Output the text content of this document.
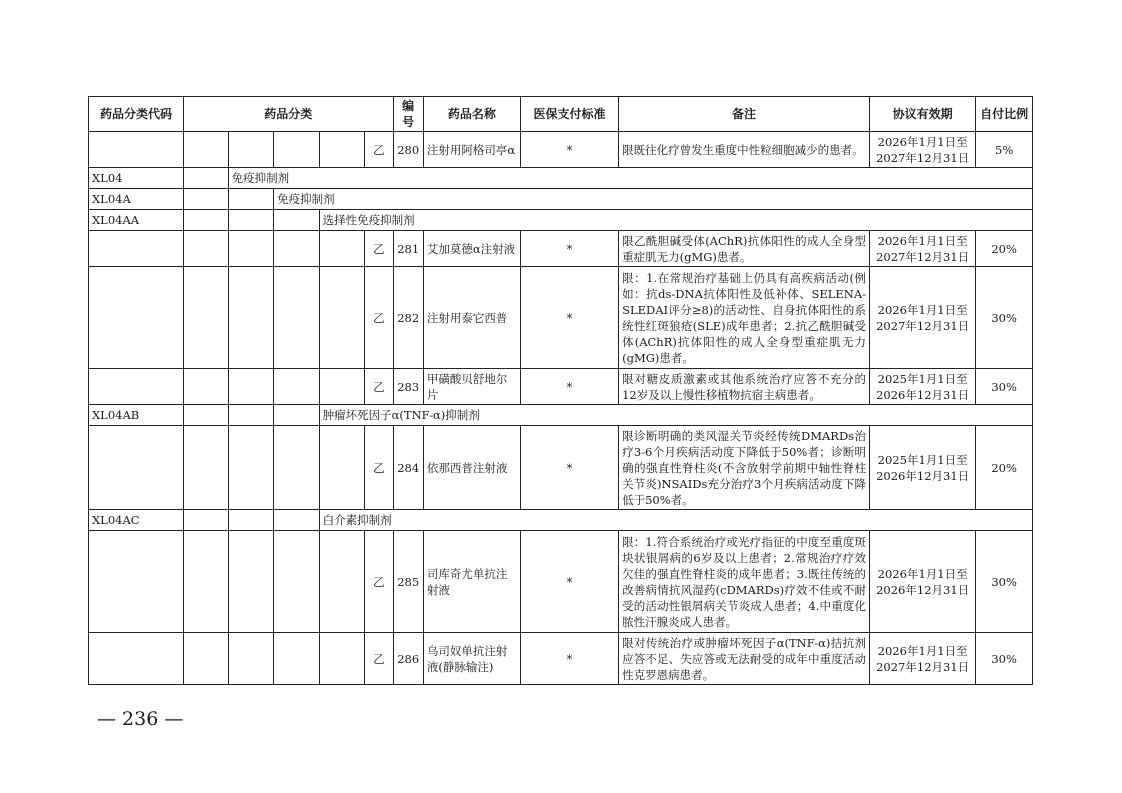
药品分类代码	药品分类					编号	药品名称	医保支付标准	备注	协议有效期	自付比例
					乙	280	注射用阿格司亭α	*	限既往化疗曾发生重度中性粒细胞减少的患者。	2026年1月1日至2027年12月31日	5%
XL04		免疫抑制剂									
XL04A			免疫抑制剂								
XL04AA				选择性免疫抑制剂							
					乙	281	艾加莫德α注射液	*	限乙酰胆碱受体(AChR)抗体阳性的成人全身型重症肌无力(gMG)患者。	2026年1月1日至2027年12月31日	20%
					乙	282	注射用泰它西普	*	限：1.在常规治疗基础上仍具有高疾病活动(例如：抗ds-DNA抗体阳性及低补体、SELENA-SLEDAI评分≥8)的活动性、自身抗体阳性的系统性红斑狼疮(SLE)成年患者；2.抗乙酰胆碱受体(AChR)抗体阳性的成人全身型重症肌无力(gMG)患者。	2026年1月1日至2027年12月31日	30%
					乙	283	甲磺酸贝舒地尔片	*	限对糖皮质激素或其他系统治疗应答不充分的12岁及以上慢性移植物抗宿主病患者。	2025年1月1日至2026年12月31日	30%
XL04AB				肿瘤坏死因子α(TNF-α)抑制剂							
					乙	284	依那西普注射液	*	限诊断明确的类风湿关节炎经传统DMARDs治疗3-6个月疾病活动度下降低于50%者；诊断明确的强直性脊柱炎(不含放射学前期中轴性脊柱关节炎)NSAIDs充分治疗3个月疾病活动度下降低于50%者。	2025年1月1日至2026年12月31日	20%
XL04AC				白介素抑制剂							
					乙	285	司库奇尤单抗注射液	*	限：1.符合系统治疗或光疗指征的中度至重度斑块状银屑病的6岁及以上患者；2.常规治疗疗效欠佳的强直性脊柱炎的成年患者；3.既往传统的改善病情抗风湿药(cDMARDs)疗效不佳或不耐受的活动性银屑病关节炎成人患者；4.中重度化脓性汗腺炎成人患者。	2026年1月1日至2026年12月31日	30%
					乙	286	乌司奴单抗注射液(静脉输注)	*	限对传统治疗或肿瘤坏死因子α(TNF-α)拮抗剂应答不足、失应答或无法耐受的成年中重度活动性克罗恩病患者。	2026年1月1日至2027年12月31日	30%
— 236 —
